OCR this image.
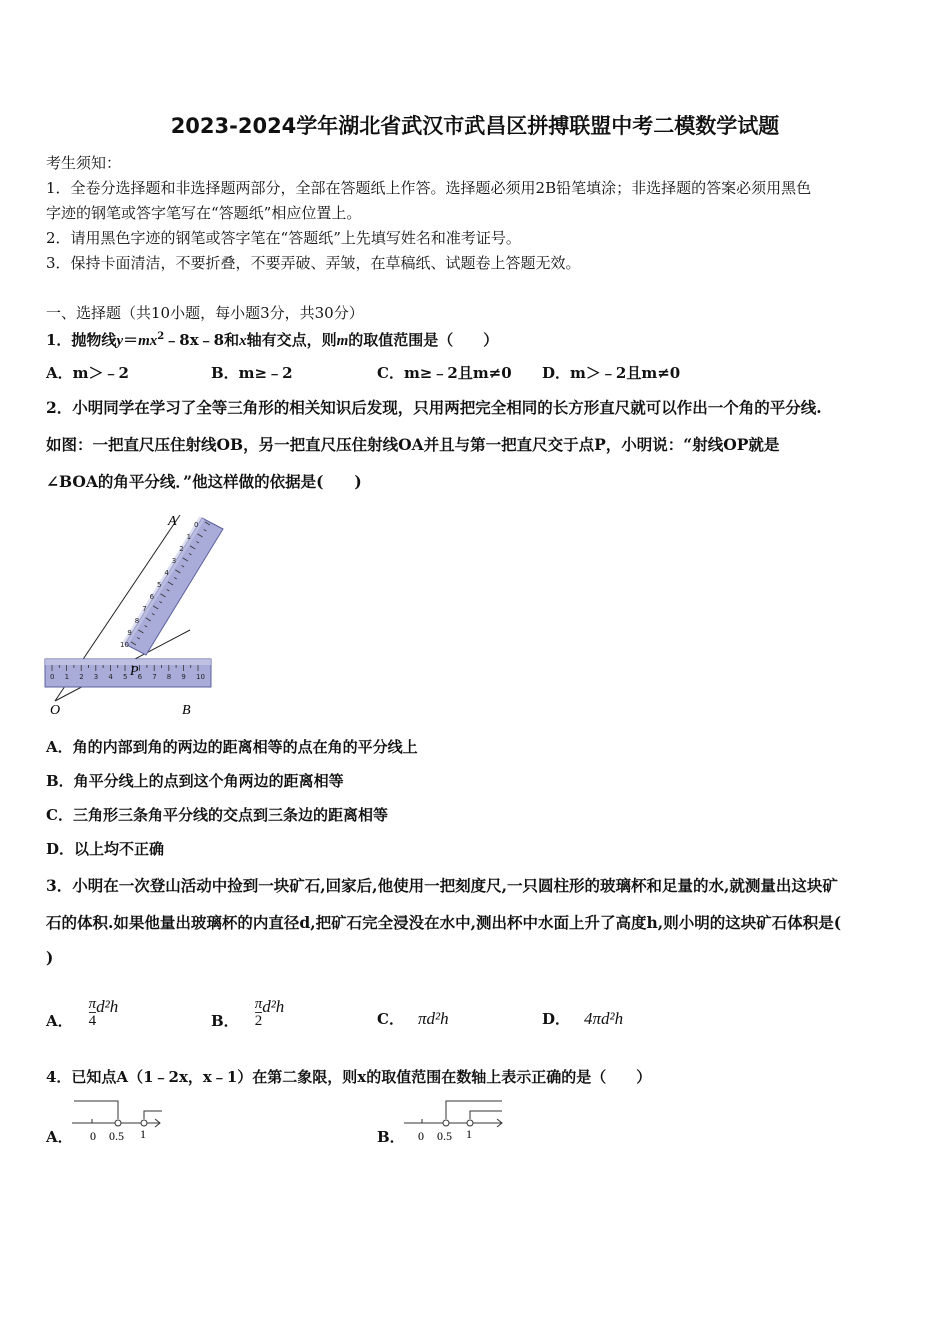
2023-2024学年湖北省武汉市武昌区拼搏联盟中考二模数学试题
考生须知：
1．全卷分选择题和非选择题两部分，全部在答题纸上作答。选择题必须用2B铅笔填涂；非选择题的答案必须用黑色
字迹的钢笔或答字笔写在“答题纸”相应位置上。
2．请用黑色字迹的钢笔或答字笔在“答题纸”上先填写姓名和准考证号。
3．保持卡面清洁，不要折叠，不要弄破、弄皱，在草稿纸、试题卷上答题无效。
一、选择题（共10小题，每小题3分，共30分）
1．抛物线$y=mx^2﹣8x﹣8$和x轴有交点，则m的取值范围是（　　）
A．m＞﹣2	B．m≥﹣2	C．m≥﹣2且m≠0 D．m＞﹣2且m≠0
2．小明同学在学习了全等三角形的相关知识后发现，只用两把完全相同的长方形直尺就可以作出一个角的平分线.
如图：一把直尺压住射线OB，另一把直尺压住射线OA并且与第一把直尺交于点P，小明说：“射线OP就是
∠BOA的角平分线．”他这样做的依据是(　　)
0 1 2 3 4 5 6 7 8 9 10
0
1
2
3
4
5
6
7
8
9
10
A
O	B
P
A．角的内部到角的两边的距离相等的点在角的平分线上
B．角平分线上的点到这个角两边的距离相等
C．三角形三条角平分线的交点到三条边的距离相等
D．以上均不正确
3．小明在一次登山活动中捡到一块矿石,回家后,他使用一把刻度尺,一只圆柱形的玻璃杯和足量的水,就测量出这块矿
石的体积.如果他量出玻璃杯的内直径d,把矿石完全浸没在水中,测出杯中水面上升了高度h,则小明的这块矿石体积是(
)
A． $\frac{\pi}{4} d^2h$
B． $\frac{\pi}{2} d^2h$
C． πd²h	D． 4πd²h
4．已知点A（1﹣2x，x﹣1）在第二象限，则x的取值范围在数轴上表示正确的是（　　）
A． 0 0.5 1	B． 0 0.5 1
